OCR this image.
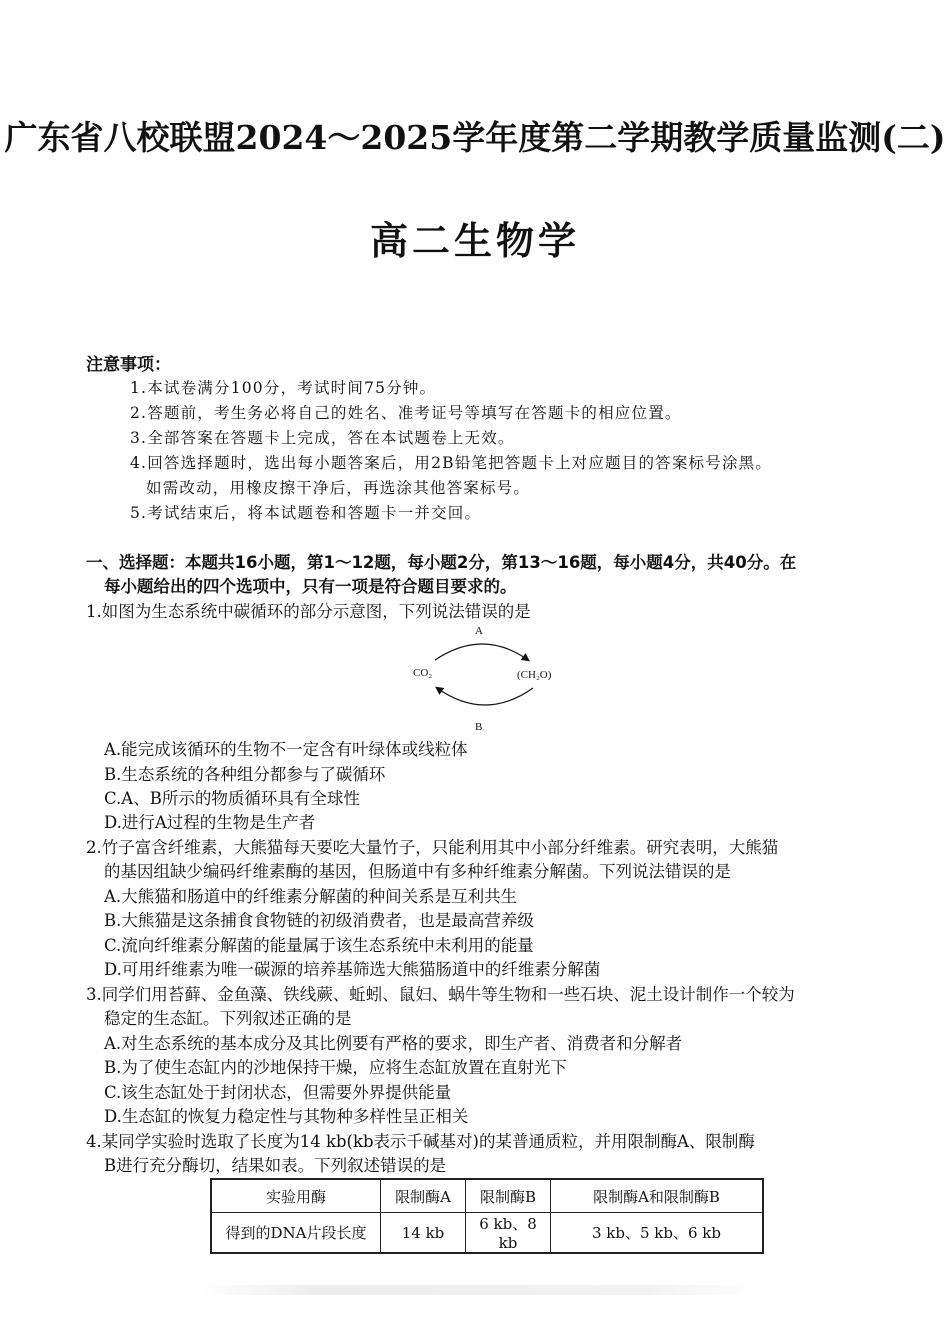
广东省八校联盟2024～2025学年度第二学期教学质量监测(二)
高二生物学
注意事项：
1.本试卷满分100分，考试时间75分钟。
2.答题前，考生务必将自己的姓名、准考证号等填写在答题卡的相应位置。
3.全部答案在答题卡上完成，答在本试题卷上无效。
4.回答选择题时，选出每小题答案后，用2B铅笔把答题卡上对应题目的答案标号涂黑。
如需改动，用橡皮擦干净后，再选涂其他答案标号。
5.考试结束后，将本试题卷和答题卡一并交回。
一、选择题：本题共16小题，第1～12题，每小题2分，第13～16题，每小题4分，共40分。在
每小题给出的四个选项中，只有一项是符合题目要求的。
1.如图为生态系统中碳循环的部分示意图，下列说法错误的是
A
B
CO₂	(CH₂O)
A.能完成该循环的生物不一定含有叶绿体或线粒体
B.生态系统的各种组分都参与了碳循环
C.A、B所示的物质循环具有全球性
D.进行A过程的生物是生产者
2.竹子富含纤维素，大熊猫每天要吃大量竹子，只能利用其中小部分纤维素。研究表明，大熊猫
的基因组缺少编码纤维素酶的基因，但肠道中有多种纤维素分解菌。下列说法错误的是
A.大熊猫和肠道中的纤维素分解菌的种间关系是互利共生
B.大熊猫是这条捕食食物链的初级消费者，也是最高营养级
C.流向纤维素分解菌的能量属于该生态系统中未利用的能量
D.可用纤维素为唯一碳源的培养基筛选大熊猫肠道中的纤维素分解菌
3.同学们用苔藓、金鱼藻、铁线蕨、蚯蚓、鼠妇、蜗牛等生物和一些石块、泥土设计制作一个较为
稳定的生态缸。下列叙述正确的是
A.对生态系统的基本成分及其比例要有严格的要求，即生产者、消费者和分解者
B.为了使生态缸内的沙地保持干燥，应将生态缸放置在直射光下
C.该生态缸处于封闭状态，但需要外界提供能量
D.生态缸的恢复力稳定性与其物种多样性呈正相关
4.某同学实验时选取了长度为14 kb(kb表示千碱基对)的某普通质粒，并用限制酶A、限制酶
B进行充分酶切，结果如表。下列叙述错误的是
实验用酶	限制酶A	限制酶B	限制酶A和限制酶B
得到的DNA片段长度	14 kb	6 kb、8 kb	3 kb、5 kb、6 kb
